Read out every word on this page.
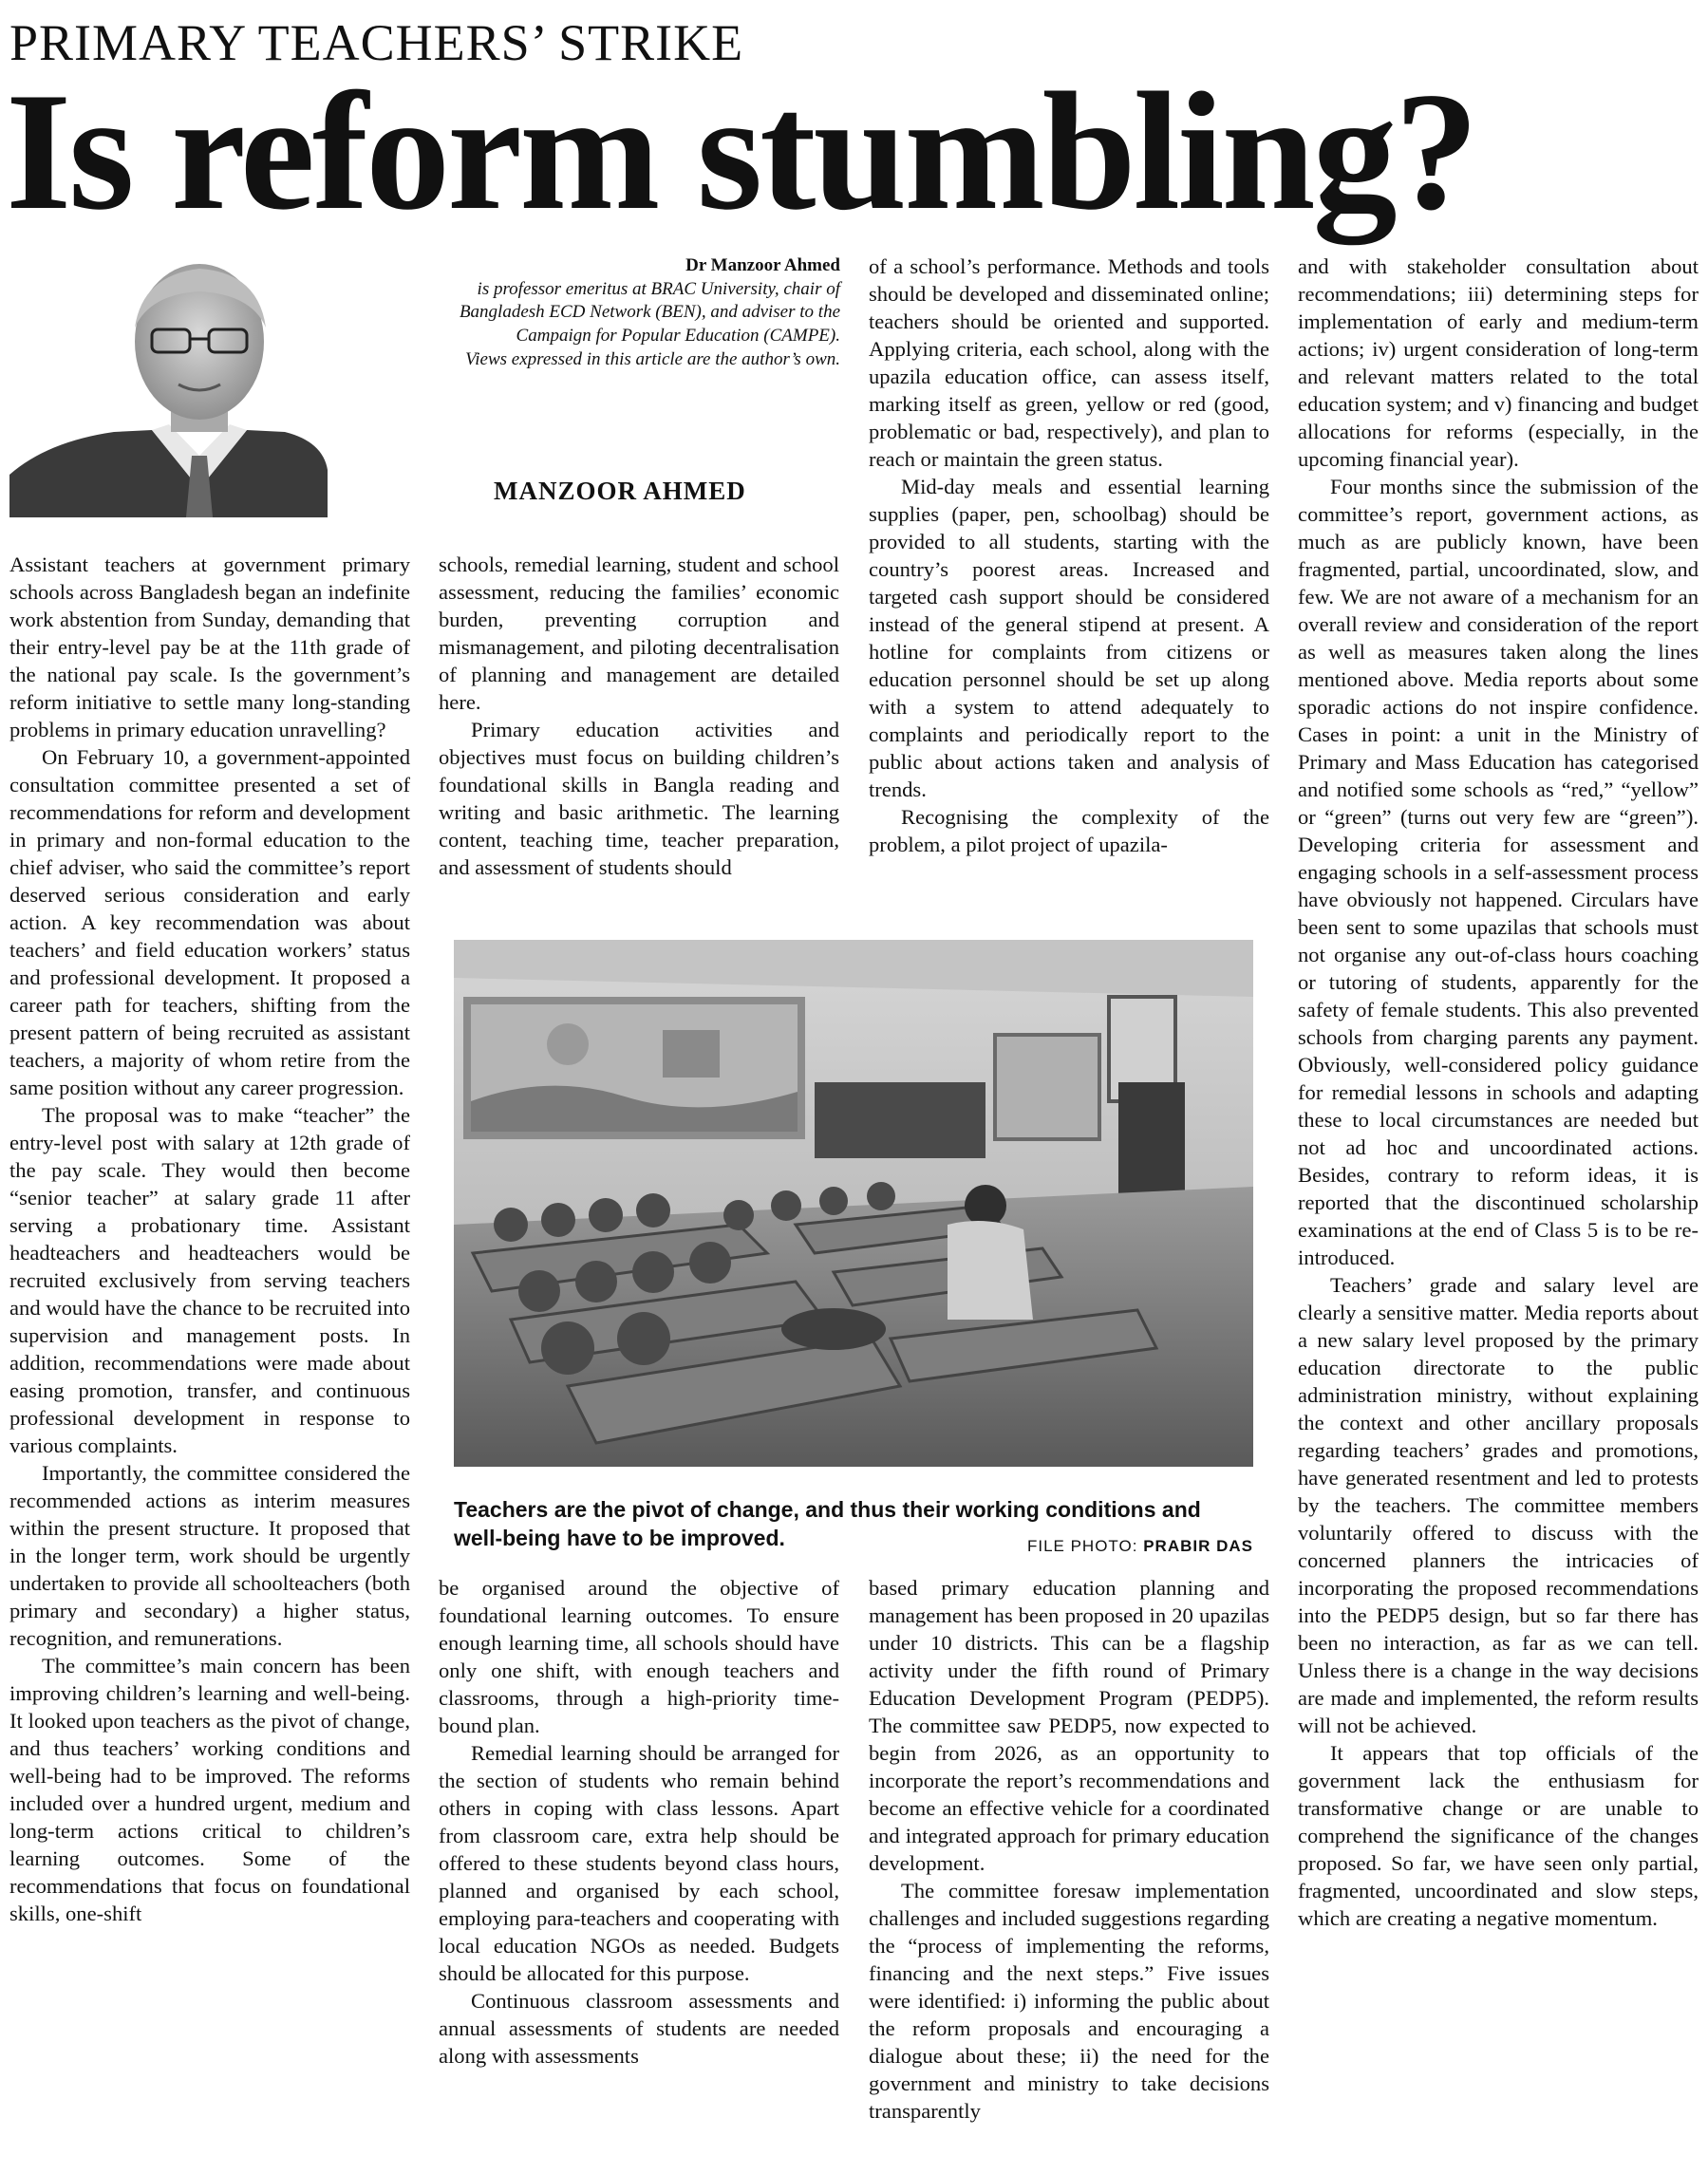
PRIMARY TEACHERS’ STRIKE
Is reform stumbling?
Dr Manzoor Ahmed
is professor emeritus at BRAC University, chair of Bangladesh ECD Network (BEN), and adviser to the Campaign for Popular Education (CAMPE).
Views expressed in this article are the author’s own.
MANZOOR AHMED

Assistant teachers at government primary schools across Bangladesh began an indefinite work abstention from Sunday, demanding that their entry-level pay be at the 11th grade of the national pay scale. Is the government’s reform initiative to settle many long-standing problems in primary education unravelling?

On February 10, a government-appointed consultation committee presented a set of recommendations for reform and development in primary and non-formal education to the chief adviser, who said the committee’s report deserved serious consideration and early action. A key recommendation was about teachers’ and field education workers’ status and professional development. It proposed a career path for teachers, shifting from the present pattern of being recruited as assistant teachers, a majority of whom retire from the same position without any career progression.

The proposal was to make “teacher” the entry-level post with salary at 12th grade of the pay scale. They would then become “senior teacher” at salary grade 11 after serving a probationary time. Assistant headteachers and headteachers would be recruited exclusively from serving teachers and would have the chance to be recruited into supervision and management posts. In addition, recommendations were made about easing promotion, transfer, and continuous professional development in response to various complaints.

Importantly, the committee considered the recommended actions as interim measures within the present structure. It proposed that in the longer term, work should be urgently undertaken to provide all schoolteachers (both primary and secondary) a higher status, recognition, and remunerations.

The committee’s main concern has been improving children’s learning and well-being. It looked upon teachers as the pivot of change, and thus teachers’ working conditions and well-being had to be improved. The reforms included over a hundred urgent, medium and long-term actions critical to children’s learning outcomes. Some of the recommendations that focus on foundational skills, one-shift

schools, remedial learning, student and school assessment, reducing the families’ economic burden, preventing corruption and mismanagement, and piloting decentralisation of planning and management are detailed here.

Primary education activities and objectives must focus on building children’s foundational skills in Bangla reading and writing and basic arithmetic. The learning content, teaching time, teacher preparation, and assessment of students should

of a school’s performance. Methods and tools should be developed and disseminated online; teachers should be oriented and supported. Applying criteria, each school, along with the upazila education office, can assess itself, marking itself as green, yellow or red (good, problematic or bad, respectively), and plan to reach or maintain the green status.

Mid-day meals and essential learning supplies (paper, pen, schoolbag) should be provided to all students, starting with the country’s poorest areas. Increased and targeted cash support should be considered instead of the general stipend at present. A hotline for complaints from citizens or education personnel should be set up along with a system to attend adequately to complaints and periodically report to the public about actions taken and analysis of trends.

Recognising the complexity of the problem, a pilot project of upazila-

and with stakeholder consultation about recommendations; iii) determining steps for implementation of early and medium-term actions; iv) urgent consideration of long-term and relevant matters related to the total education system; and v) financing and budget allocations for reforms (especially, in the upcoming financial year).

Four months since the submission of the committee’s report, government actions, as much as are publicly known, have been fragmented, partial, uncoordinated, slow, and few. We are not aware of a mechanism for an overall review and consideration of the report as well as measures taken along the lines mentioned above. Media reports about some sporadic actions do not inspire confidence. Cases in point: a unit in the Ministry of Primary and Mass Education has categorised and notified some schools as “red,” “yellow” or “green” (turns out very few are “green”). Developing criteria for assessment and engaging schools in a self-assessment process have obviously not happened. Circulars have been sent to some upazilas that schools must not organise any out-of-class hours coaching or tutoring of students, apparently for the safety of female students. This also prevented schools from charging parents any payment. Obviously, well-considered policy guidance for remedial lessons in schools and adapting these to local circumstances are needed but not ad hoc and uncoordinated actions. Besides, contrary to reform ideas, it is reported that the discontinued scholarship examinations at the end of Class 5 is to be re-introduced.

Teachers’ grade and salary level are clearly a sensitive matter. Media reports about a new salary level proposed by the primary education directorate to the public administration ministry, without explaining the context and other ancillary proposals regarding teachers’ grades and promotions, have generated resentment and led to protests by the teachers. The committee members voluntarily offered to discuss with the concerned planners the intricacies of incorporating the proposed recommendations into the PEDP5 design, but so far there has been no interaction, as far as we can tell. Unless there is a change in the way decisions are made and implemented, the reform results will not be achieved.

It appears that top officials of the government lack the enthusiasm for transformative change or are unable to comprehend the significance of the changes proposed. So far, we have seen only partial, fragmented, uncoordinated and slow steps, which are creating a negative momentum.

Teachers are the pivot of change, and thus their working conditions and well-being have to be improved.	FILE PHOTO: PRABIR DAS

be organised around the objective of foundational learning outcomes. To ensure enough learning time, all schools should have only one shift, with enough teachers and classrooms, through a high-priority time-bound plan.

Remedial learning should be arranged for the section of students who remain behind others in coping with class lessons. Apart from classroom care, extra help should be offered to these students beyond class hours, planned and organised by each school, employing para-teachers and cooperating with local education NGOs as needed. Budgets should be allocated for this purpose.

Continuous classroom assessments and annual assessments of students are needed along with assessments

based primary education planning and management has been proposed in 20 upazilas under 10 districts. This can be a flagship activity under the fifth round of Primary Education Development Program (PEDP5). The committee saw PEDP5, now expected to begin from 2026, as an opportunity to incorporate the report’s recommendations and become an effective vehicle for a coordinated and integrated approach for primary education development.

The committee foresaw implementation challenges and included suggestions regarding the “process of implementing the reforms, financing and the next steps.” Five issues were identified: i) informing the public about the reform proposals and encouraging a dialogue about these; ii) the need for the government and ministry to take decisions transparently
